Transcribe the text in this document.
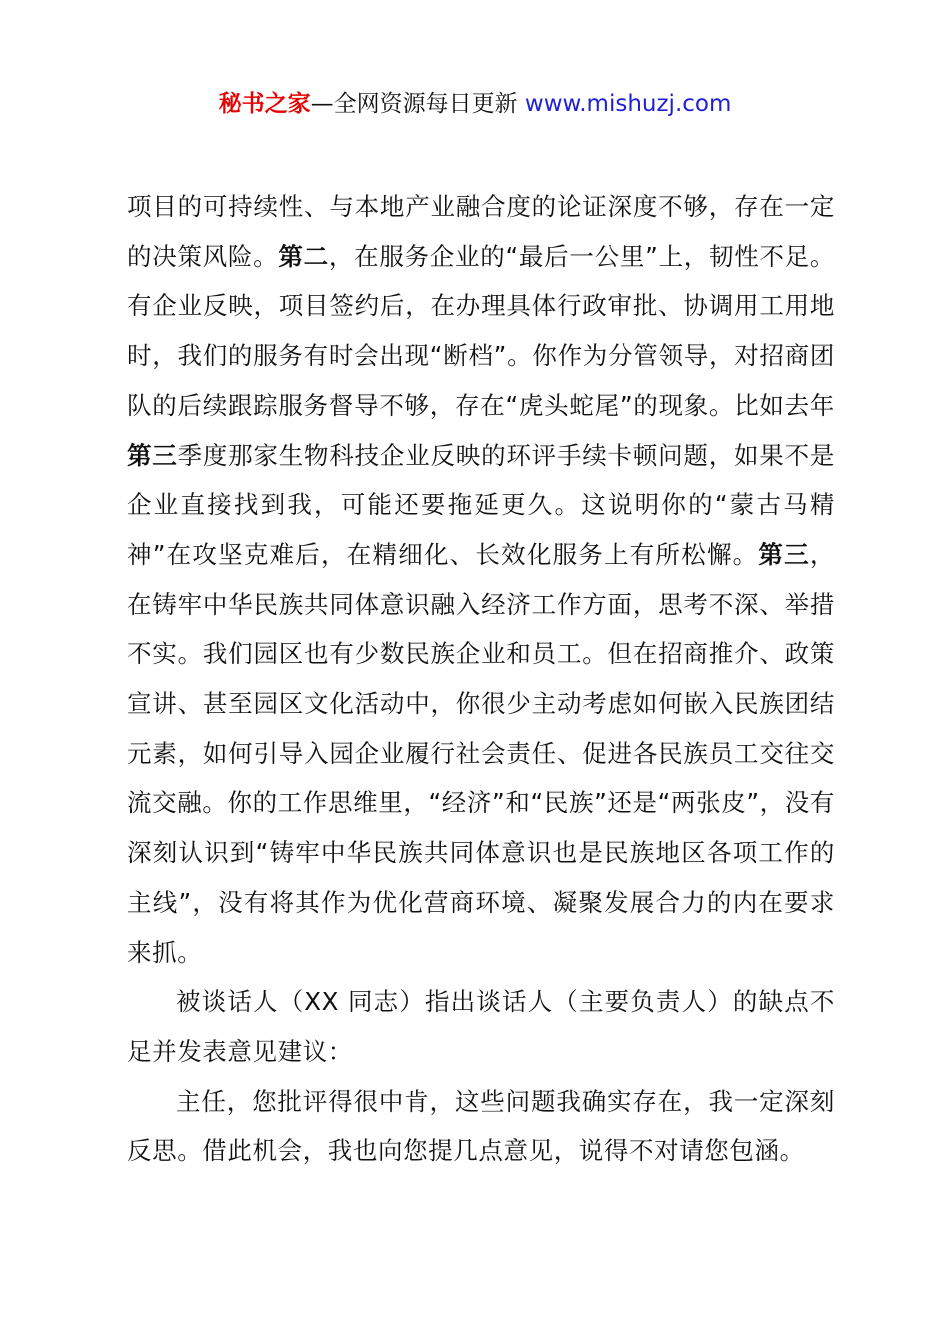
秘书之家—全网资源每日更新 www.mishuzj.com

项目的可持续性、与本地产业融合度的论证深度不够，存在一定的决策风险。第二，在服务企业的“最后一公里”上，韧性不足。有企业反映，项目签约后，在办理具体行政审批、协调用工用地时，我们的服务有时会出现“断档”。你作为分管领导，对招商团队的后续跟踪服务督导不够，存在“虎头蛇尾”的现象。比如去年第三季度那家生物科技企业反映的环评手续卡顿问题，如果不是企业直接找到我，可能还要拖延更久。这说明你的“蒙古马精神”在攻坚克难后，在精细化、长效化服务上有所松懈。第三，在铸牢中华民族共同体意识融入经济工作方面，思考不深、举措不实。我们园区也有少数民族企业和员工。但在招商推介、政策宣讲、甚至园区文化活动中，你很少主动考虑如何嵌入民族团结元素，如何引导入园企业履行社会责任、促进各民族员工交往交流交融。你的工作思维里，“经济”和“民族”还是“两张皮”，没有深刻认识到“铸牢中华民族共同体意识也是民族地区各项工作的主线”，没有将其作为优化营商环境、凝聚发展合力的内在要求来抓。

被谈话人（XX 同志）指出谈话人（主要负责人）的缺点不足并发表意见建议：

主任，您批评得很中肯，这些问题我确实存在，我一定深刻反思。借此机会，我也向您提几点意见，说得不对请您包涵。
